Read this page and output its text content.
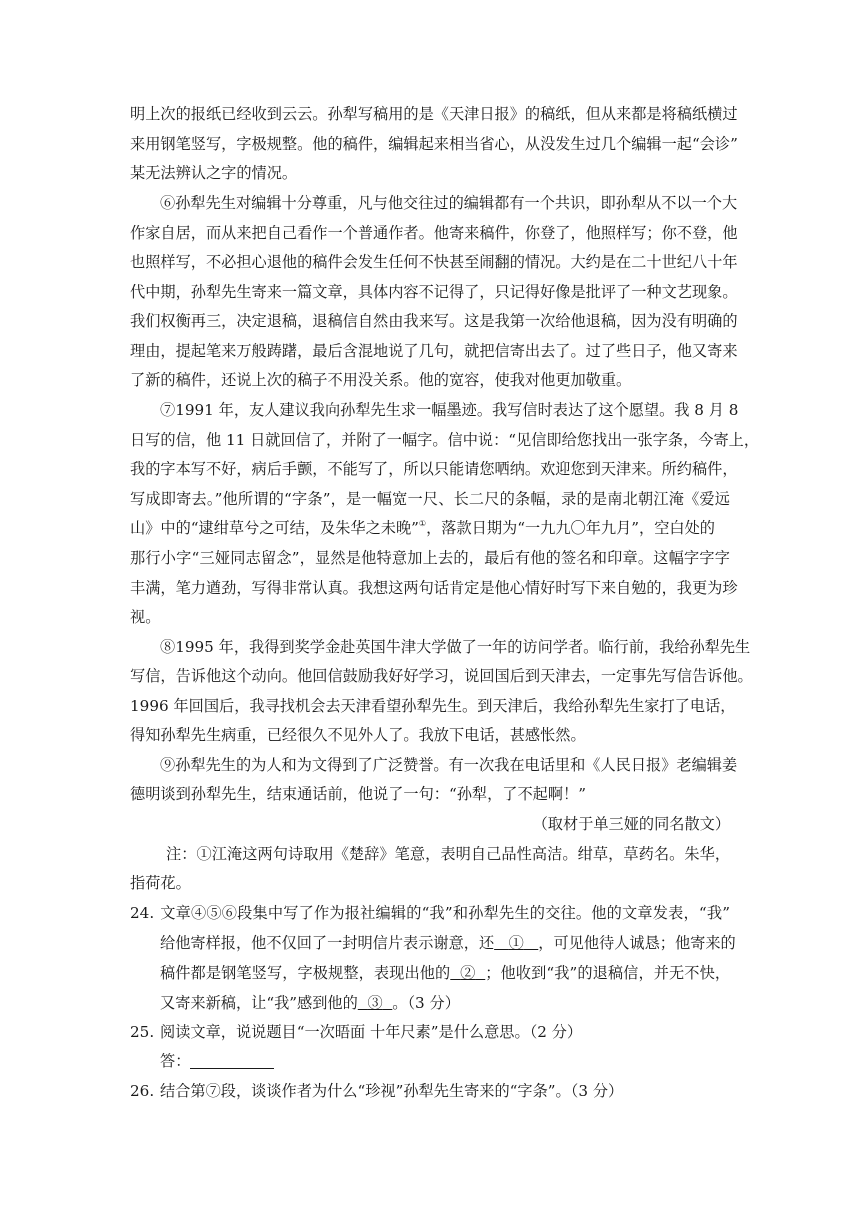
明上次的报纸已经收到云云。孙犁写稿用的是《天津日报》的稿纸，但从来都是将稿纸横过
来用钢笔竖写，字极规整。他的稿件，编辑起来相当省心，从没发生过几个编辑一起“会诊”
某无法辨认之字的情况。
⑥孙犁先生对编辑十分尊重，凡与他交往过的编辑都有一个共识，即孙犁从不以一个大
作家自居，而从来把自己看作一个普通作者。他寄来稿件，你登了，他照样写；你不登，他
也照样写，不必担心退他的稿件会发生任何不快甚至闹翻的情况。大约是在二十世纪八十年
代中期，孙犁先生寄来一篇文章，具体内容不记得了，只记得好像是批评了一种文艺现象。
我们权衡再三，决定退稿，退稿信自然由我来写。这是我第一次给他退稿，因为没有明确的
理由，提起笔来万般踌躇，最后含混地说了几句，就把信寄出去了。过了些日子，他又寄来
了新的稿件，还说上次的稿子不用没关系。他的宽容，使我对他更加敬重。
⑦1991 年，友人建议我向孙犁先生求一幅墨迹。我写信时表达了这个愿望。我 8 月 8
日写的信，他 11 日就回信了，并附了一幅字。信中说：“见信即给您找出一张字条，今寄上，
我的字本写不好，病后手颤，不能写了，所以只能请您哂纳。欢迎您到天津来。所约稿件，
写成即寄去。”他所谓的“字条”，是一幅宽一尺、长二尺的条幅，录的是南北朝江淹《爱远
山》中的“逮绀草兮之可结，及朱华之未晚”①，落款日期为“一九九〇年九月”，空白处的
那行小字“三娅同志留念”，显然是他特意加上去的，最后有他的签名和印章。这幅字字字
丰满，笔力遒劲，写得非常认真。我想这两句话肯定是他心情好时写下来自勉的，我更为珍
视。
⑧1995 年，我得到奖学金赴英国牛津大学做了一年的访问学者。临行前，我给孙犁先生
写信，告诉他这个动向。他回信鼓励我好好学习，说回国后到天津去，一定事先写信告诉他。
1996 年回国后，我寻找机会去天津看望孙犁先生。到天津后，我给孙犁先生家打了电话，
得知孙犁先生病重，已经很久不见外人了。我放下电话，甚感怅然。
⑨孙犁先生的为人和为文得到了广泛赞誉。有一次我在电话里和《人民日报》老编辑姜
德明谈到孙犁先生，结束通话前，他说了一句：“孙犁，了不起啊！”
（取材于单三娅的同名散文）
注：①江淹这两句诗取用《楚辞》笔意，表明自己品性高洁。绀草，草药名。朱华，
指荷花。
24. 文章④⑤⑥段集中写了作为报社编辑的“我”和孙犁先生的交往。他的文章发表，“我”
给他寄样报，他不仅回了一封明信片表示谢意，还 ① ，可见他待人诚恳；他寄来的
稿件都是钢笔竖写，字极规整，表现出他的 ② ；他收到“我”的退稿信，并无不快，
又寄来新稿，让“我”感到他的 ③ 。（3 分）
25. 阅读文章，说说题目“一次晤面 十年尺素”是什么意思。（2 分）
答：
26. 结合第⑦段，谈谈作者为什么“珍视”孙犁先生寄来的“字条”。（3 分）
